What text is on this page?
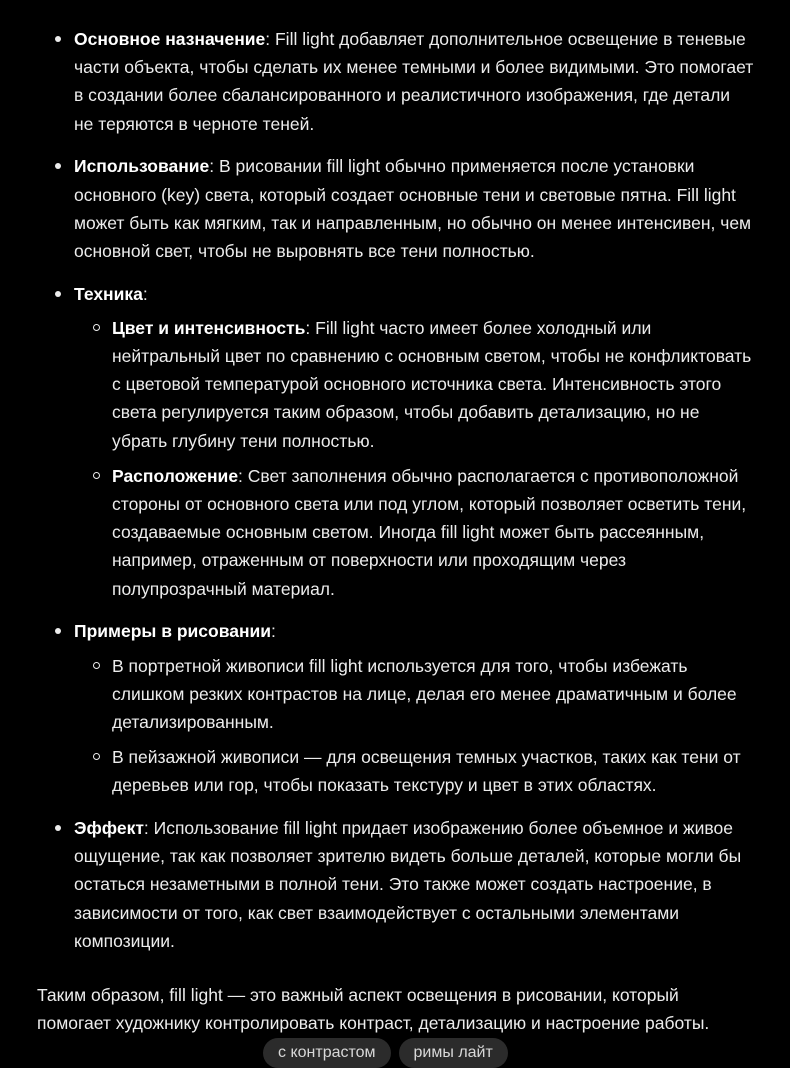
Основное назначение: Fill light добавляет дополнительное освещение в теневые части объекта, чтобы сделать их менее темными и более видимыми. Это помогает в создании более сбалансированного и реалистичного изображения, где детали не теряются в черноте теней.
Использование: В рисовании fill light обычно применяется после установки основного (key) света, который создает основные тени и световые пятна. Fill light может быть как мягким, так и направленным, но обычно он менее интенсивен, чем основной свет, чтобы не выровнять все тени полностью.
Техника:
Цвет и интенсивность: Fill light часто имеет более холодный или нейтральный цвет по сравнению с основным светом, чтобы не конфликтовать с цветовой температурой основного источника света. Интенсивность этого света регулируется таким образом, чтобы добавить детализацию, но не убрать глубину тени полностью.
Расположение: Свет заполнения обычно располагается с противоположной стороны от основного света или под углом, который позволяет осветить тени, создаваемые основным светом. Иногда fill light может быть рассеянным, например, отраженным от поверхности или проходящим через полупрозрачный материал.
Примеры в рисовании:
В портретной живописи fill light используется для того, чтобы избежать слишком резких контрастов на лице, делая его менее драматичным и более детализированным.
В пейзажной живописи — для освещения темных участков, таких как тени от деревьев или гор, чтобы показать текстуру и цвет в этих областях.
Эффект: Использование fill light придает изображению более объемное и живое ощущение, так как позволяет зрителю видеть больше деталей, которые могли бы остаться незаметными в полной тени. Это также может создать настроение, в зависимости от того, как свет взаимодействует с остальными элементами композиции.

Таким образом, fill light — это важный аспект освещения в рисовании, который помогает художнику контролировать контраст, детализацию и настроение работы.

с контрастом	римы лайт
